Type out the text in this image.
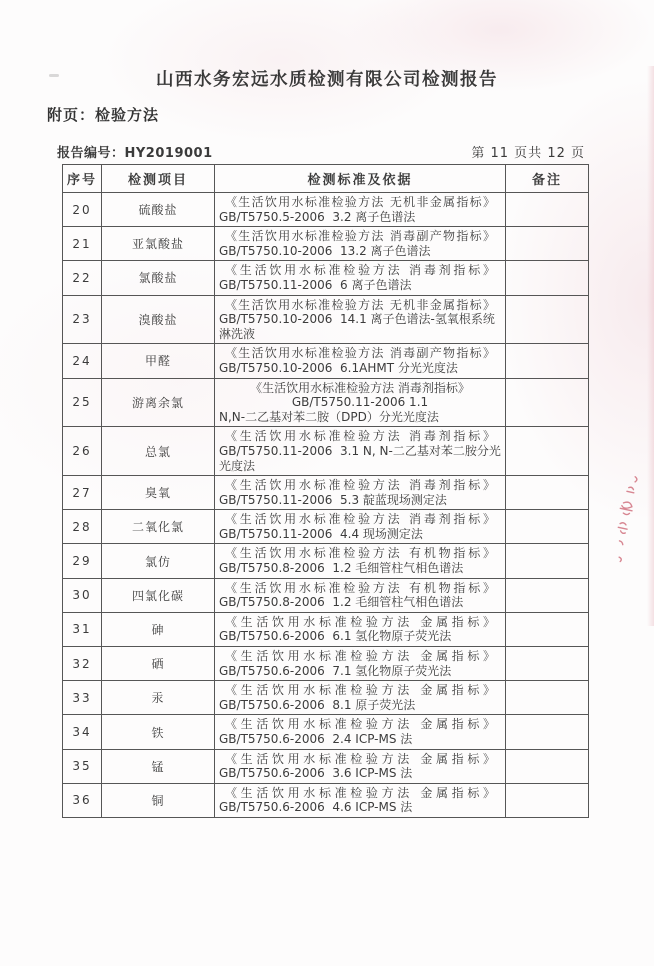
山西水务宏远水质检测有限公司检测报告
附页：检验方法
报告编号：HY2019001	第 11 页共 12 页
序号	检测项目	检测标准及依据	备注
20	硫酸盐	《生活饮用水标准检验方法 无机非金属指标》
GB/T5750.5-2006  3.2 离子色谱法	

21	亚氯酸盐	《生活饮用水标准检验方法 消毒副产物指标》
GB/T5750.10-2006  13.2 离子色谱法	

22	氯酸盐	《生活饮用水标准检验方法 消毒剂指标》
GB/T5750.11-2006  6 离子色谱法	

23	溴酸盐	《生活饮用水标准检验方法 无机非金属指标》
GB/T5750.10-2006  14.1 离子色谱法-氢氧根系统
淋洗液	

24	甲醛	《生活饮用水标准检验方法 消毒副产物指标》
GB/T5750.10-2006  6.1AHMT 分光光度法	

25	游离余氯	《生活饮用水标准检验方法 消毒剂指标》
GB/T5750.11-2006 1.1
N,N-二乙基对苯二胺（DPD）分光光度法	

26	总氯	《生活饮用水标准检验方法 消毒剂指标》
GB/T5750.11-2006  3.1 N, N-二乙基对苯二胺分光
光度法	

27	臭氧	《生活饮用水标准检验方法 消毒剂指标》
GB/T5750.11-2006  5.3 靛蓝现场测定法	

28	二氧化氯	《生活饮用水标准检验方法 消毒剂指标》
GB/T5750.11-2006  4.4 现场测定法	

29	氯仿	《生活饮用水标准检验方法 有机物指标》
GB/T5750.8-2006  1.2 毛细管柱气相色谱法	

30	四氯化碳	《生活饮用水标准检验方法 有机物指标》
GB/T5750.8-2006  1.2 毛细管柱气相色谱法	

31	砷	《生活饮用水标准检验方法 金属指标》
GB/T5750.6-2006  6.1 氢化物原子荧光法	

32	硒	《生活饮用水标准检验方法 金属指标》
GB/T5750.6-2006  7.1 氢化物原子荧光法	

33	汞	《生活饮用水标准检验方法 金属指标》
GB/T5750.6-2006  8.1 原子荧光法	

34	铁	《生活饮用水标准检验方法 金属指标》
GB/T5750.6-2006  2.4 ICP-MS 法	

35	锰	《生活饮用水标准检验方法 金属指标》
GB/T5750.6-2006  3.6 ICP-MS 法	

36	铜	《生活饮用水标准检验方法 金属指标》
GB/T5750.6-2006  4.6 ICP-MS 法	
